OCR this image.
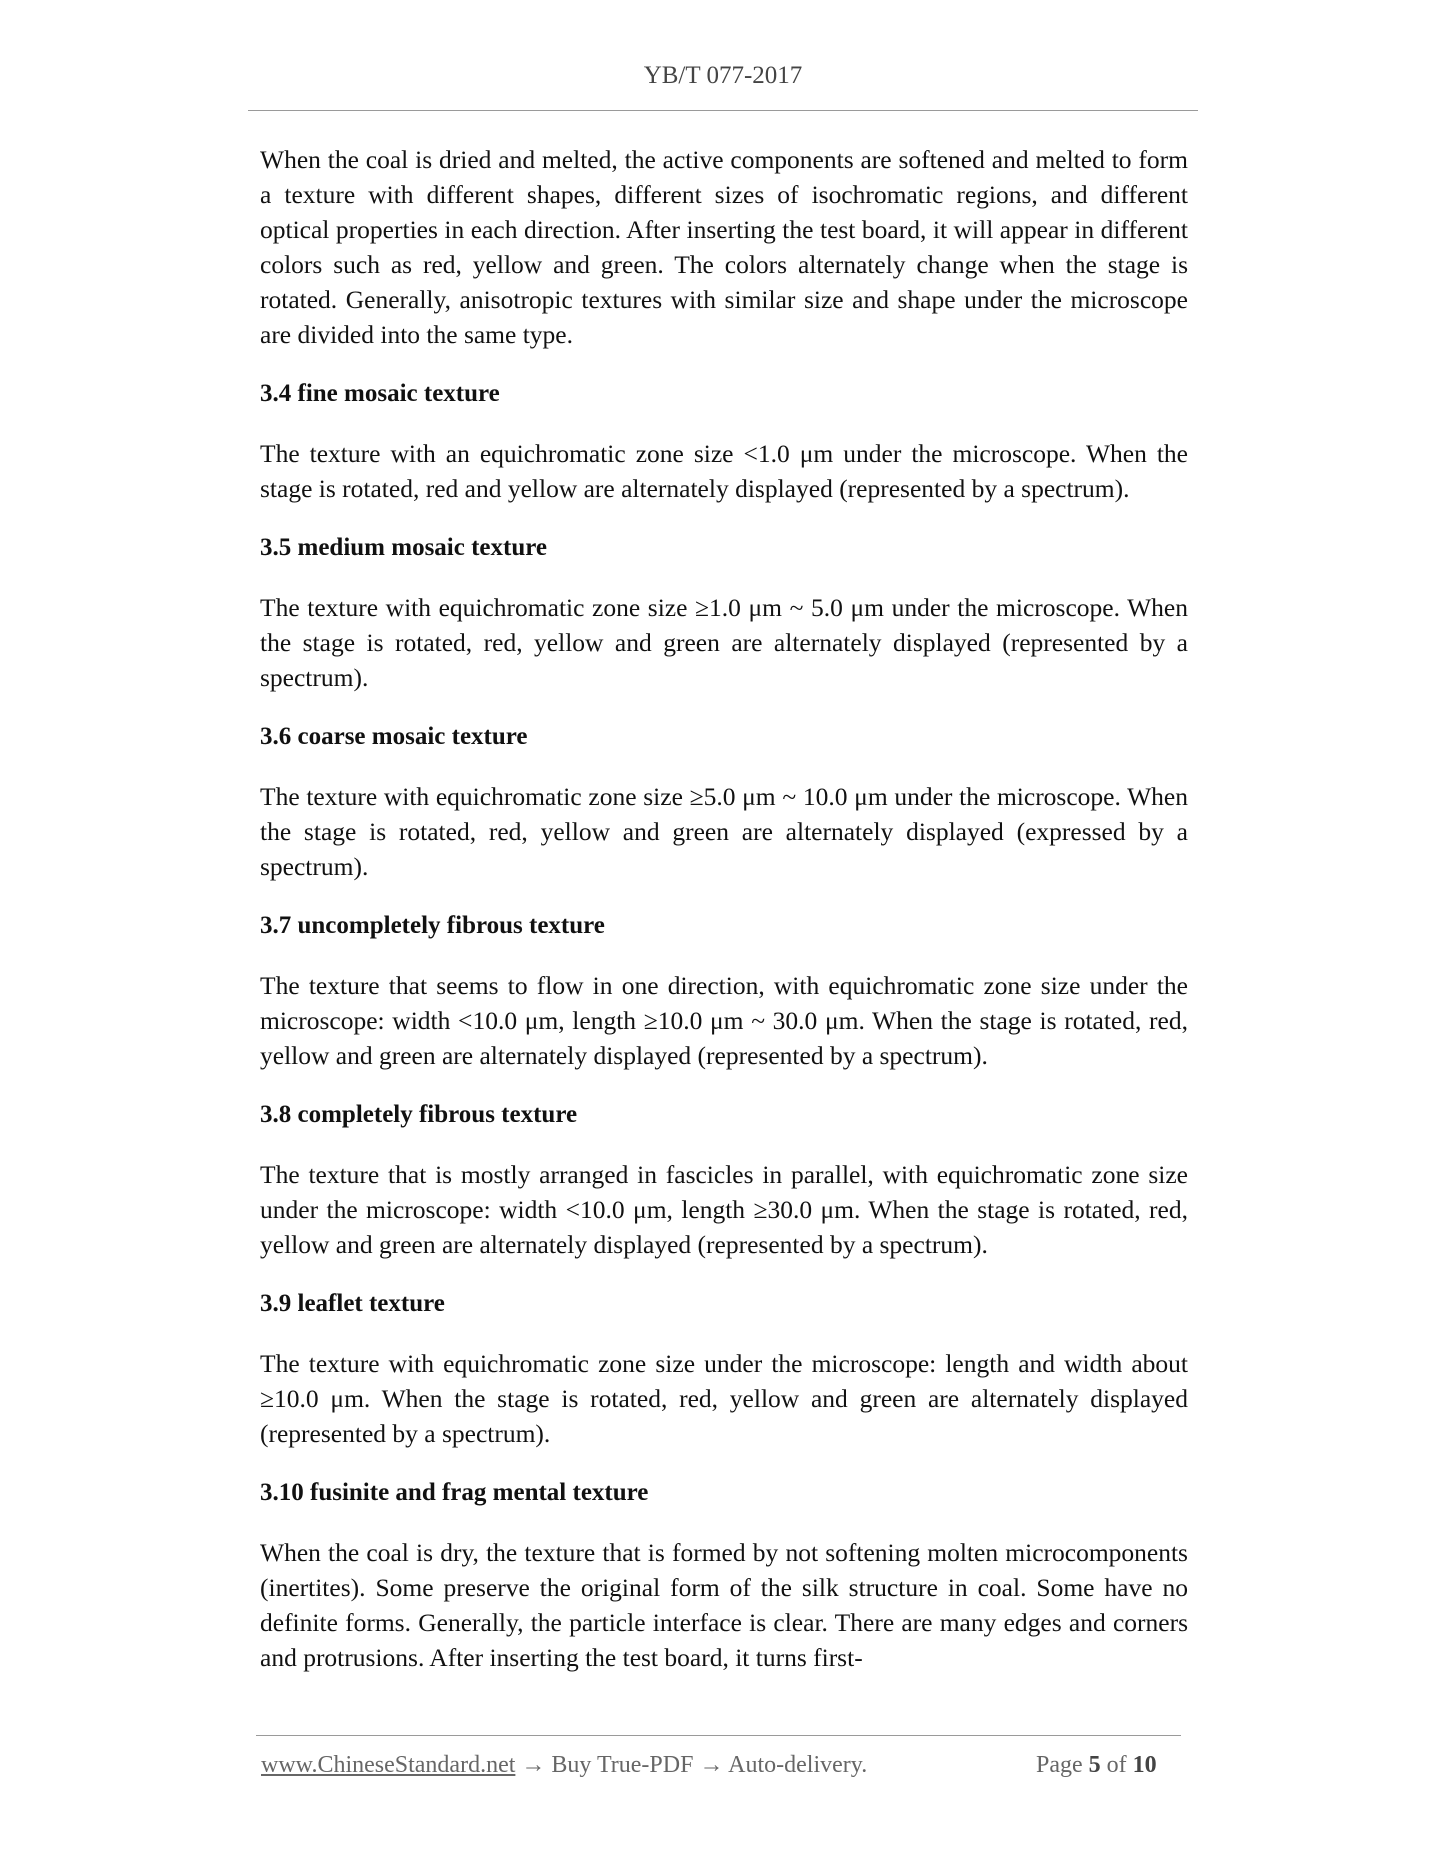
YB/T 077-2017

When the coal is dried and melted, the active components are softened and melted to form a texture with different shapes, different sizes of isochromatic regions, and different optical properties in each direction. After inserting the test board, it will appear in different colors such as red, yellow and green. The colors alternately change when the stage is rotated. Generally, anisotropic textures with similar size and shape under the microscope are divided into the same type.

3.4 fine mosaic texture

The texture with an equichromatic zone size <1.0 μm under the microscope. When the stage is rotated, red and yellow are alternately displayed (represented by a spectrum).

3.5 medium mosaic texture

The texture with equichromatic zone size ≥1.0 μm ~ 5.0 μm under the microscope. When the stage is rotated, red, yellow and green are alternately displayed (represented by a spectrum).

3.6 coarse mosaic texture

The texture with equichromatic zone size ≥5.0 μm ~ 10.0 μm under the microscope. When the stage is rotated, red, yellow and green are alternately displayed (expressed by a spectrum).

3.7 uncompletely fibrous texture

The texture that seems to flow in one direction, with equichromatic zone size under the microscope: width <10.0 μm, length ≥10.0 μm ~ 30.0 μm. When the stage is rotated, red, yellow and green are alternately displayed (represented by a spectrum).

3.8 completely fibrous texture

The texture that is mostly arranged in fascicles in parallel, with equichromatic zone size under the microscope: width <10.0 μm, length ≥30.0 μm. When the stage is rotated, red, yellow and green are alternately displayed (represented by a spectrum).

3.9 leaflet texture

The texture with equichromatic zone size under the microscope: length and width about ≥10.0 μm. When the stage is rotated, red, yellow and green are alternately displayed (represented by a spectrum).

3.10 fusinite and frag mental texture

When the coal is dry, the texture that is formed by not softening molten microcomponents (inertites). Some preserve the original form of the silk structure in coal. Some have no definite forms. Generally, the particle interface is clear. There are many edges and corners and protrusions. After inserting the test board, it turns first-

www.ChineseStandard.net → Buy True-PDF → Auto-delivery.	Page 5 of 10
